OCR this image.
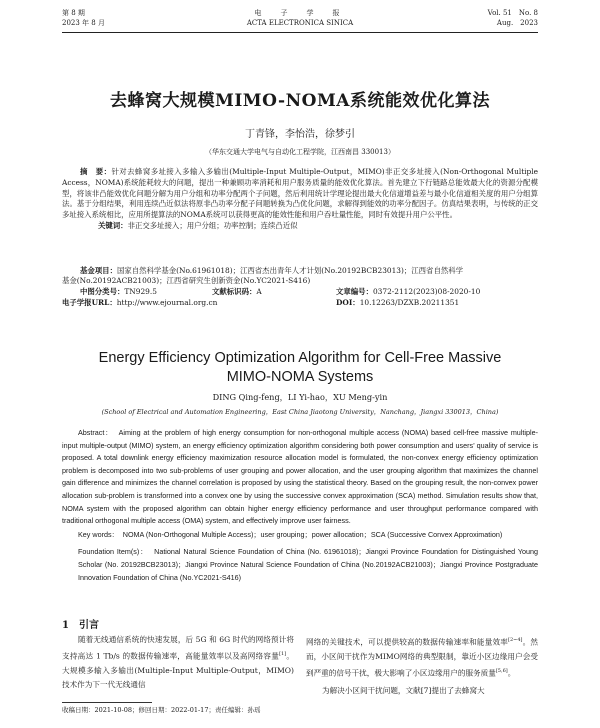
第 8 期
2023 年 8 月
电　子　学　报
ACTA ELECTRONICA SINICA
Vol. 51　No. 8
Aug.　2023
去蜂窝大规模MIMO-NOMA系统能效优化算法
丁青锋，李怡浩，徐梦引
（华东交通大学电气与自动化工程学院，江西南昌 330013）

摘　要：针对去蜂窝多址接入多输入多输出(Multiple-Input Multiple-Output，MIMO)非正交多址接入(Non-Orthogonal Multiple Access，NOMA)系统能耗较大的问题，提出一种兼顾功率消耗和用户服务质量的能效优化算法。首先建立下行链路总能效最大化的资源分配模型，将该非凸能效优化问题分解为用户分组和功率分配两个子问题，然后利用统计学理论提出最大化信道增益差与最小化信道相关度的用户分组算法。基于分组结果，利用连续凸近似法将原非凸功率分配子问题转换为凸优化问题，求解得到能效的功率分配因子。仿真结果表明，与传统的正交多址接入系统相比，应用所提算法的NOMA系统可以获得更高的能效性能和用户吞吐量性能，同时有效提升用户公平性。

关键词：非正交多址接入；用户分组；功率控制；连续凸近似

基金项目：国家自然科学基金(No.61961018)；江西省杰出青年人才计划(No.20192BCB23013)；江西省自然科学
基金(No.20192ACB21003)；江西省研究生创新资金(No.YC2021-S416)
中图分类号：TN929.5	文献标识码：A	文章编号：0372-2112(2023)08-2020-10
电子学报URL：http://www.ejournal.org.cn	DOI：10.12263/DZXB.20211351
Energy Efficiency Optimization Algorithm for Cell-Free Massive
MIMO-NOMA Systems
DING Qing-feng，LI Yi-hao，XU Meng-yin
(School of Electrical and Automation Engineering，East China Jiaotong University，Nanchang，Jiangxi 330013，China)

Abstract： Aiming at the problem of high energy consumption for non-orthogonal multiple access (NOMA) based cell-free massive multiple-input multiple-output (MIMO) system, an energy efficiency optimization algorithm considering both power consumption and users’ quality of service is proposed. A total downlink energy efficiency maximization resource allocation model is formulated, the non-convex energy efficiency optimization problem is decomposed into two sub-problems of user grouping and power allocation, and the user grouping algorithm that maximizes the channel gain difference and minimizes the channel correlation is proposed by using the statistical theory. Based on the grouping result, the non-convex power allocation sub-problem is transformed into a convex one by using the successive convex approximation (SCA) method. Simulation results show that, NOMA system with the proposed algorithm can obtain higher energy efficiency performance and user throughput performance compared with traditional orthogonal multiple access (OMA) system, and effectively improve user fairness.

Key words： NOMA (Non-Orthogonal Multiple Access)；user grouping；power allocation；SCA (Successive Convex Approximation)

Foundation Item(s)： National Natural Science Foundation of China (No. 61961018)；Jiangxi Province Foundation for Distinguished Young Scholar (No. 20192BCB23013)；Jiangxi Province Natural Science Foundation of China (No.20192ACB21003)；Jiangxi Province Postgraduate Innovation Foundation of China (No.YC2021-S416)

1　引言

随着无线通信系统的快速发展，后 5G 和 6G 时代的网络预计将支持高达 1 Tb/s 的数据传输速率，高能量效率以及高网络容量[1]。大规模多输入多输出(Multiple-Input Multiple-Output，MIMO)技术作为下一代无线通信

网络的关键技术，可以提供较高的数据传输速率和能量效率[2~4]。然而，小区间干扰作为MIMO网络的典型限制，靠近小区边缘用户会受到严重的信号干扰，极大影响了小区边缘用户的服务质量[5,6]。

为解决小区间干扰问题，文献[7]提出了去蜂窝大

收稿日期：2021-10-08；修回日期：2022-01-17；责任编辑：孙瑶
